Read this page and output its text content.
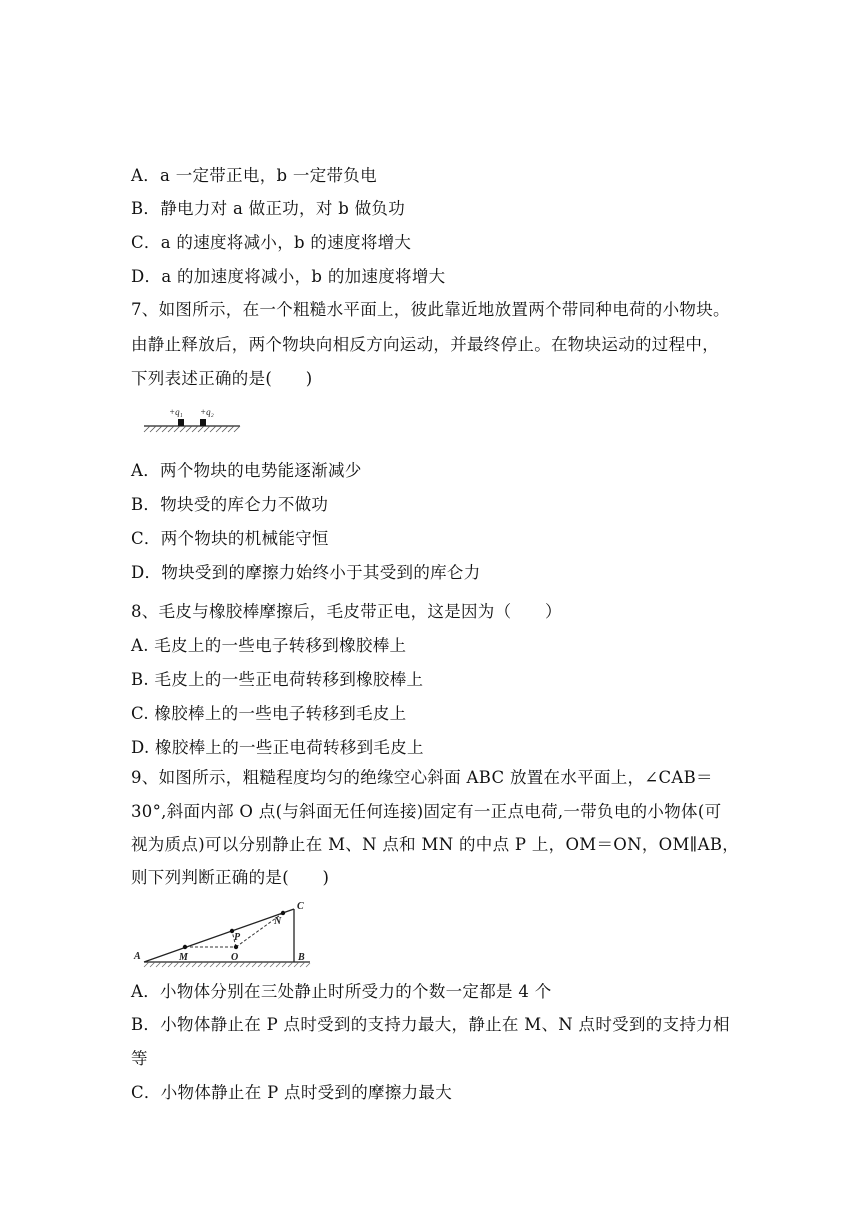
A．a 一定带正电，b 一定带负电
B．静电力对 a 做正功，对 b 做负功
C．a 的速度将减小，b 的速度将增大
D．a 的加速度将减小，b 的加速度将增大
7、如图所示，在一个粗糙水平面上，彼此靠近地放置两个带同种电荷的小物块。
由静止释放后，两个物块向相反方向运动，并最终停止。在物块运动的过程中，
下列表述正确的是(　　)
+q₁ +q₂
A．两个物块的电势能逐渐减少
B．物块受的库仑力不做功
C．两个物块的机械能守恒
D．物块受到的摩擦力始终小于其受到的库仑力
8、毛皮与橡胶棒摩擦后，毛皮带正电，这是因为（　　）
A. 毛皮上的一些电子转移到橡胶棒上
B. 毛皮上的一些正电荷转移到橡胶棒上
C. 橡胶棒上的一些电子转移到毛皮上
D. 橡胶棒上的一些正电荷转移到毛皮上
9、如图所示，粗糙程度均匀的绝缘空心斜面 ABC 放置在水平面上，∠CAB＝
30°,斜面内部 O 点(与斜面无任何连接)固定有一正点电荷,一带负电的小物体(可
视为质点)可以分别静止在 M、N 点和 MN 的中点 P 上，OM＝ON，OM∥AB，
则下列判断正确的是(　　)
A	M	O
P
N
C
B
A．小物体分别在三处静止时所受力的个数一定都是 4 个
B．小物体静止在 P 点时受到的支持力最大，静止在 M、N 点时受到的支持力相
等
C．小物体静止在 P 点时受到的摩擦力最大
